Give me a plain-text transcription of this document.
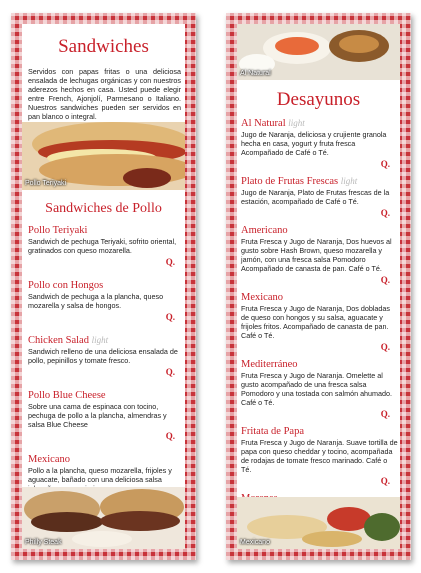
Sandwiches

Servidos con papas fritas o una deliciosa ensalada de lechugas orgánicas y con nuestros aderezos hechos en casa. Usted puede elegir entre French, Ajonjolí, Parmesano o Italiano. Nuestros sandwiches pueden ser servidos en pan blanco o integral.

Pollo Teriyaki
Sandwiches de Pollo

Pollo Teriyaki

Sandwich de pechuga Teriyaki, sofrito oriental, gratinados con queso mozarella.

Q.

Pollo con Hongos

Sandwich de pechuga a la plancha, queso mozarella y salsa de hongos.

Q.

Chicken Salad light

Sandwich relleno de una deliciosa ensalada de pollo, pepinillos y tomate fresco.

Q.

Pollo Blue Cheese

Sobre una cama de espinaca con tocino, pechuga de pollo a la plancha, almendras y salsa Blue Cheese

Q.

Mexicano

Pollo a la plancha, queso mozarella, frijoles y aguacate, bañado con una deliciosa salsa

Philly Steak
Al Natural
Desayunos

Al Natural light

Jugo de Naranja, deliciosa y crujiente granola hecha en casa, yogurt y fruta fresca Acompañado de Café o Té.

Q.

Plato de Frutas Frescas light

Jugo de Naranja, Plato de Frutas frescas de la estación, acompañado de Café o Té.

Q.

Americano

Fruta Fresca y Jugo de Naranja, Dos huevos al gusto sobre Hash Brown, queso mozarella y jamón, con una fresca salsa Pomodoro Acompañado de canasta de pan. Café o Té.

Q.

Mexicano

Fruta Fresca y Jugo de Naranja, Dos dobladas de queso con hongos y su salsa, aguacate y frijoles fritos. Acompañado de canasta de pan. Café o Té.

Q.

Mediterráneo

Fruta Fresca y Jugo de Naranja. Omelette al gusto acompañado de una fresca salsa Pomodoro y una tostada con salmón ahumado. Café o Té.

Q.

Fritata de Papa

Fruta Fresca y Jugo de Naranja. Suave tortilla de papa con queso cheddar y tocino, acompañada de rodajas de tomate fresco marinado. Café o Té.

Q.

Mexicano
